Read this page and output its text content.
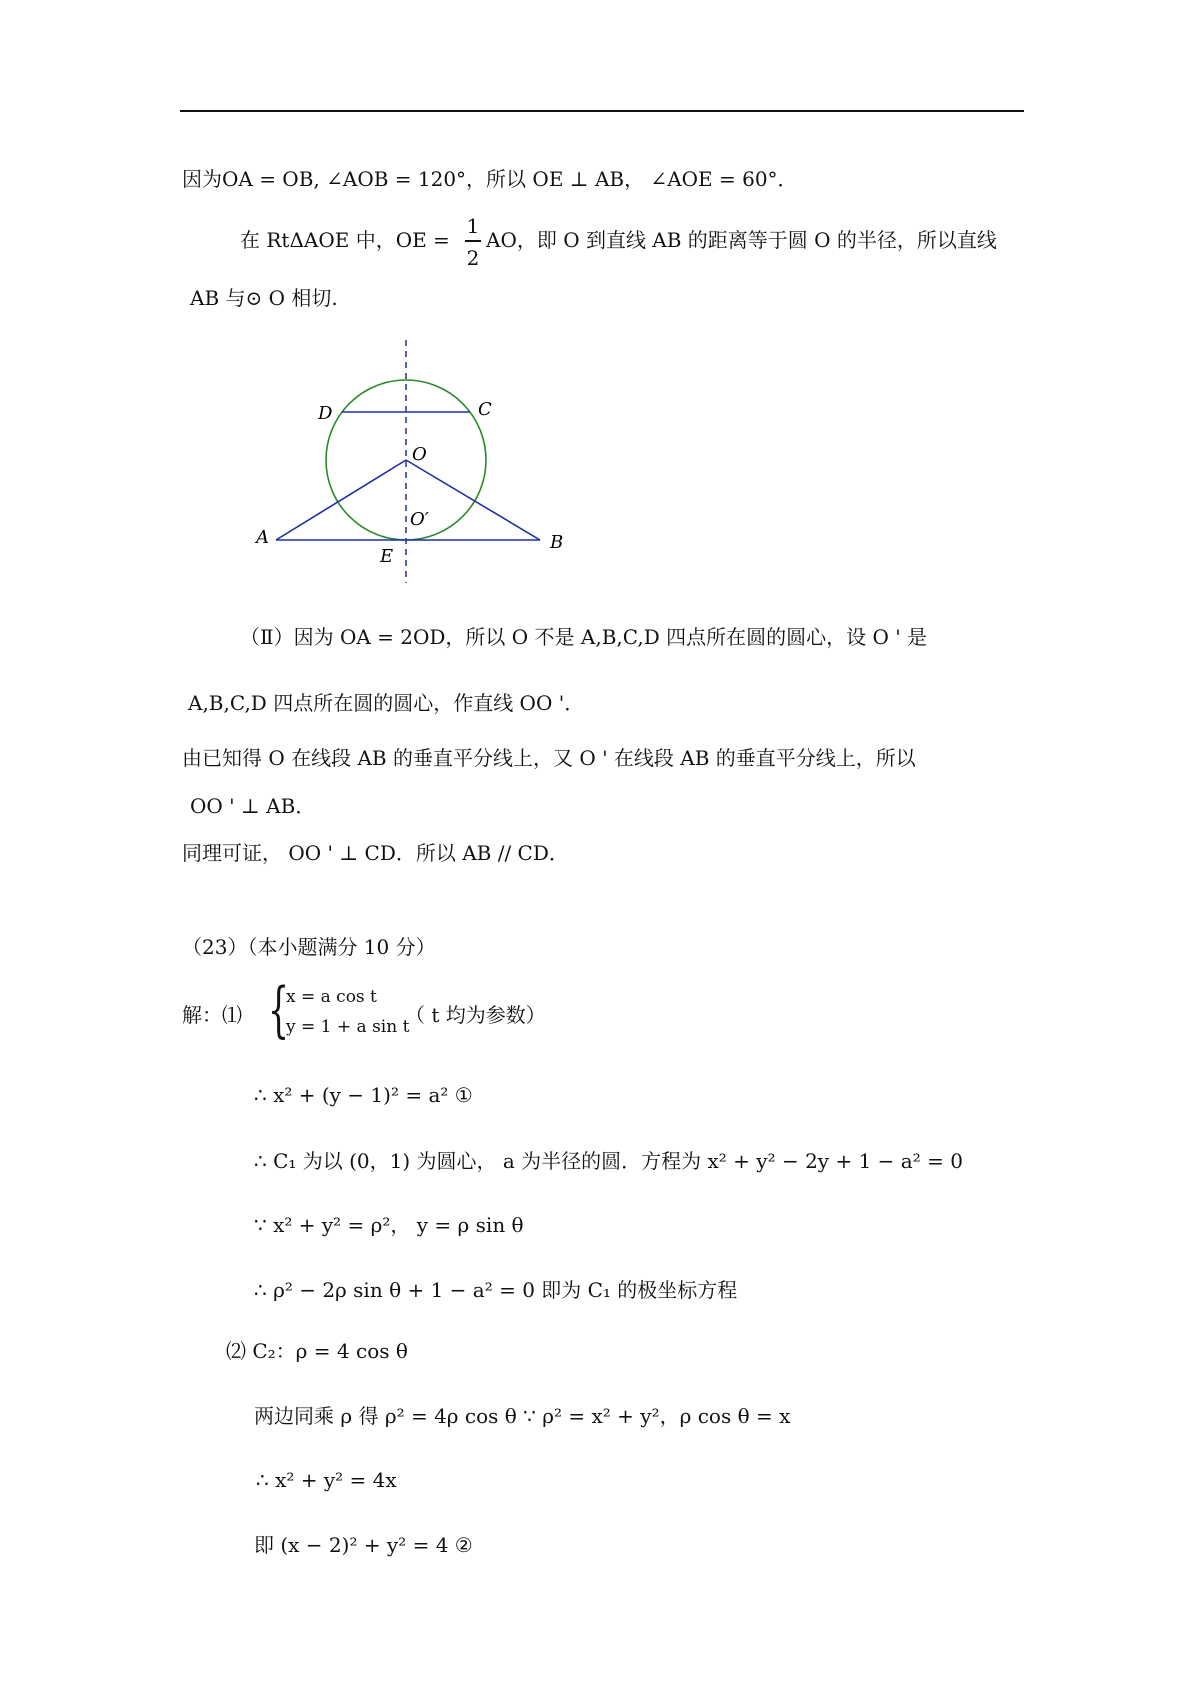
因为OA = OB, ∠AOB = 120°，所以 OE ⊥ AB， ∠AOE = 60°．
在 RtΔAOE 中，OE =
1
2
AO，即 O 到直线 AB 的距离等于圆 O 的半径，所以直线
AB 与⊙ O 相切.
D	C
O
O′
A	B
E
（Ⅱ）因为 OA = 2OD，所以 O 不是 A,B,C,D 四点所在圆的圆心，设 O ' 是
A,B,C,D 四点所在圆的圆心，作直线 OO '．
由已知得 O 在线段 AB 的垂直平分线上，又 O ' 在线段 AB 的垂直平分线上，所以
OO ' ⊥ AB．
同理可证， OO ' ⊥ CD．所以 AB // CD．
（23）（本小题满分 10 分）
解：⑴ {
x = a cos t
y = 1 + a sin t
（ t 均为参数）
∴ x² + (y − 1)² = a² ①
∴ C₁ 为以 (0，1) 为圆心， a 为半径的圆．方程为 x² + y² − 2y + 1 − a² = 0
∵ x² + y² = ρ²， y = ρ sin θ
∴ ρ² − 2ρ sin θ + 1 − a² = 0 即为 C₁ 的极坐标方程
⑵ C₂：ρ = 4 cos θ
两边同乘 ρ 得 ρ² = 4ρ cos θ ∵ ρ² = x² + y²，ρ cos θ = x
∴ x² + y² = 4x
即 (x − 2)² + y² = 4 ②
